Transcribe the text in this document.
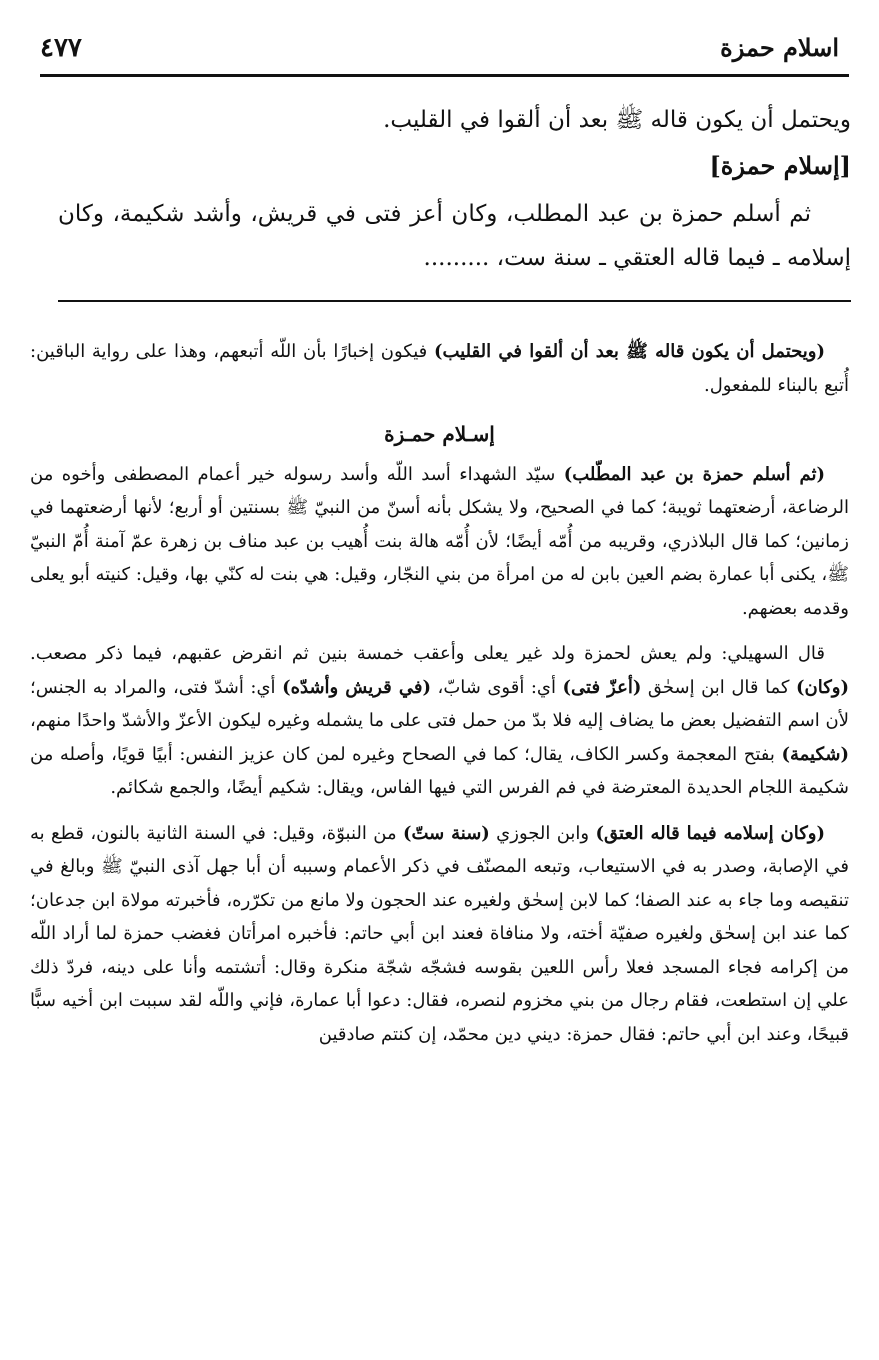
اسلام حمزة
٤٧٧

ويحتمل أن يكون قاله ﷺ بعد أن ألقوا في القليب.

[إسلام حمزة]

ثم أسلم حمزة بن عبد المطلب، وكان أعز فتى في قريش، وأشد شكيمة، وكان إسلامه ـ فيما قاله العتقي ـ سنة ست، .........

(ويحتمل أن يكون قاله ﷺ بعد أن ألقوا في القليب) فيكون إخبارًا بأن اللّه أتبعهم، وهذا على رواية الباقين: أُتبع بالبناء للمفعول.

إسـلام حمـزة

(ثم أسلم حمزة بن عبد المطّلب) سيّد الشهداء أسد اللّه وأسد رسوله خير أعمام المصطفى وأخوه من الرضاعة، أرضعتهما ثويبة؛ كما في الصحيح، ولا يشكل بأنه أسنّ من النبيّ ﷺ بسنتين أو أربع؛ لأنها أرضعتهما في زمانين؛ كما قال البلاذري، وقريبه من أُمّه أيضًا؛ لأن أُمّه هالة بنت أُهيب بن عبد مناف بن زهرة عمّ آمنة أُمّ النبيّ ﷺ، يكنى أبا عمارة بضم العين بابن له من امرأة من بني النجّار، وقيل: هي بنت له كنّي بها، وقيل: كنيته أبو يعلى وقدمه بعضهم.

قال السهيلي: ولم يعش لحمزة ولد غير يعلى وأعقب خمسة بنين ثم انقرض عقبهم، فيما ذكر مصعب. (وكان) كما قال ابن إسحٰق (أعزّ فتى) أي: أقوى شابّ، (في قريش وأشدّه) أي: أشدّ فتى، والمراد به الجنس؛ لأن اسم التفضيل بعض ما يضاف إليه فلا بدّ من حمل فتى على ما يشمله وغيره ليكون الأعزّ والأشدّ واحدًا منهم، (شكيمة) بفتح المعجمة وكسر الكاف، يقال؛ كما في الصحاح وغيره لمن كان عزيز النفس: أبيًا قويًا، وأصله من شكيمة اللجام الحديدة المعترضة في فم الفرس التي فيها الفاس، ويقال: شكيم أيضًا، والجمع شكائم.

(وكان إسلامه فيما قاله العتق) وابن الجوزي (سنة ستّ) من النبوّة، وقيل: في السنة الثانية بالنون، قطع به في الإصابة، وصدر به في الاستيعاب، وتبعه المصنّف في ذكر الأعمام وسببه أن أبا جهل آذى النبيّ ﷺ وبالغ في تنقيصه وما جاء به عند الصفا؛ كما لابن إسحٰق ولغيره عند الحجون ولا مانع من تكرّره، فأخبرته مولاة ابن جدعان؛ كما عند ابن إسحٰق ولغيره صفيّة أخته، ولا منافاة فعند ابن أبي حاتم: فأخبره امرأتان فغضب حمزة لما أراد اللّه من إكرامه فجاء المسجد فعلا رأس اللعين بقوسه فشجّه شجّة منكرة وقال: أتشتمه وأنا على دينه، فردّ ذلك علي إن استطعت، فقام رجال من بني مخزوم لنصره، فقال: دعوا أبا عمارة، فإني واللّه لقد سببت ابن أخيه سبًّا قبيحًا، وعند ابن أبي حاتم: فقال حمزة: ديني دين محمّد، إن كنتم صادقين
